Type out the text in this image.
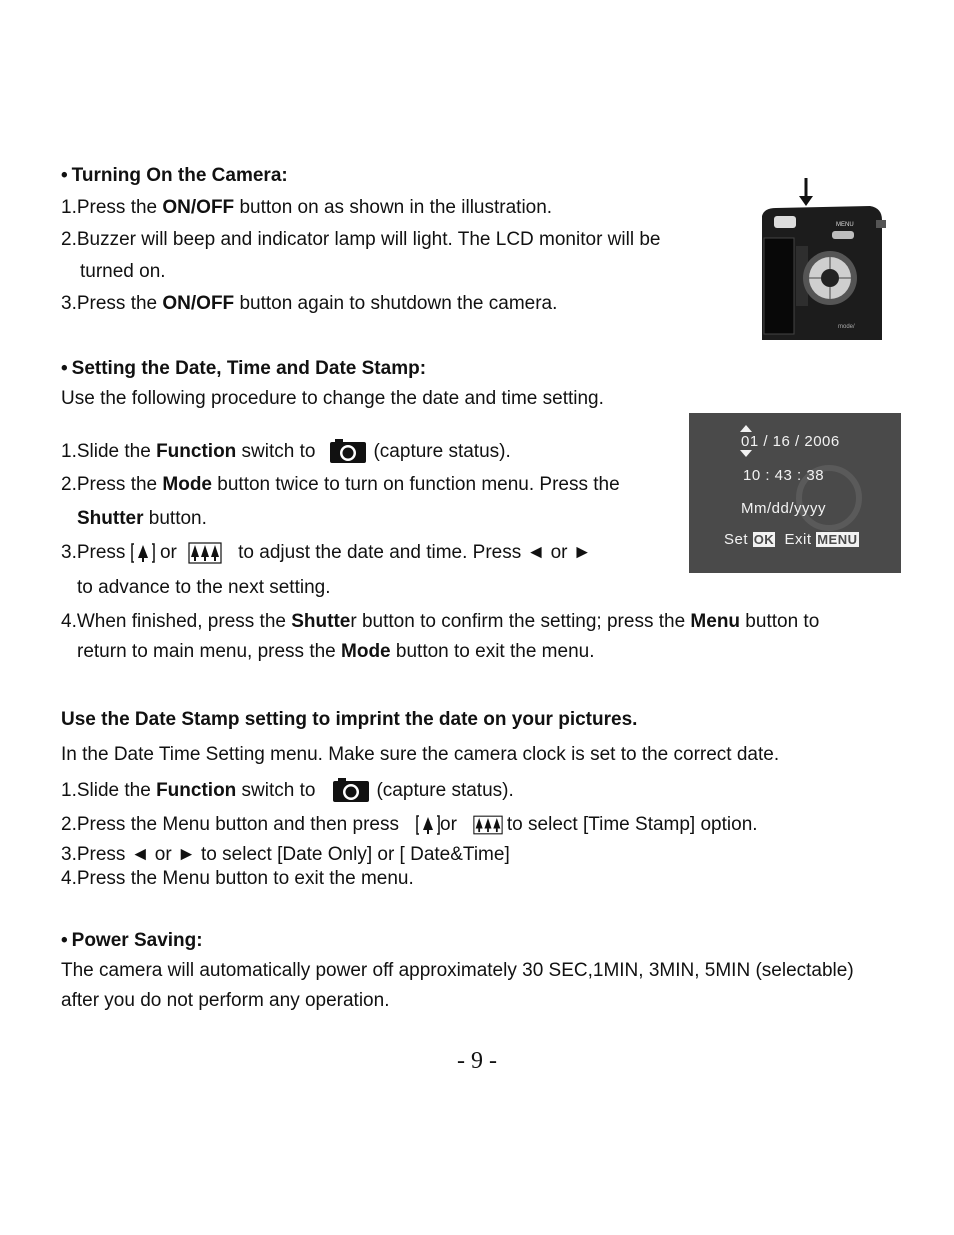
• Turning On the Camera:
1.Press the ON/OFF button on as shown in the illustration.
2.Buzzer will beep and indicator lamp will light. The LCD monitor will be
turned on.
3.Press the ON/OFF button again to shutdown the camera.
MENU
mode/
• Setting the Date, Time and Date Stamp:
Use the following procedure to change the date and time setting.
1.Slide the Function switch to	(capture status).
2.Press the Mode button twice to turn on function menu. Press the
Shutter button.
3.Press  or	to adjust the date and time. Press ◄ or ►
to advance to the next setting.
4.When finished, press the Shutter button to confirm the setting; press the Menu button to
return to main menu, press the Mode button to exit the menu.
01 / 16 / 2006
10 : 43 : 38
Mm/dd/yyyy
Set OK Exit MENU
Use the Date Stamp setting to imprint the date on your pictures.
In the Date Time Setting menu. Make sure the camera clock is set to the correct date.
1.Slide the Function switch to	(capture status).
2.Press the Menu button and then press or	to select [Time Stamp] option.
3.Press ◄ or ► to select [Date Only] or [ Date&Time]
4.Press the Menu button to exit the menu.
• Power Saving:
The camera will automatically power off approximately 30 SEC,1MIN, 3MIN, 5MIN (selectable)
after you do not perform any operation.
- 9 -
